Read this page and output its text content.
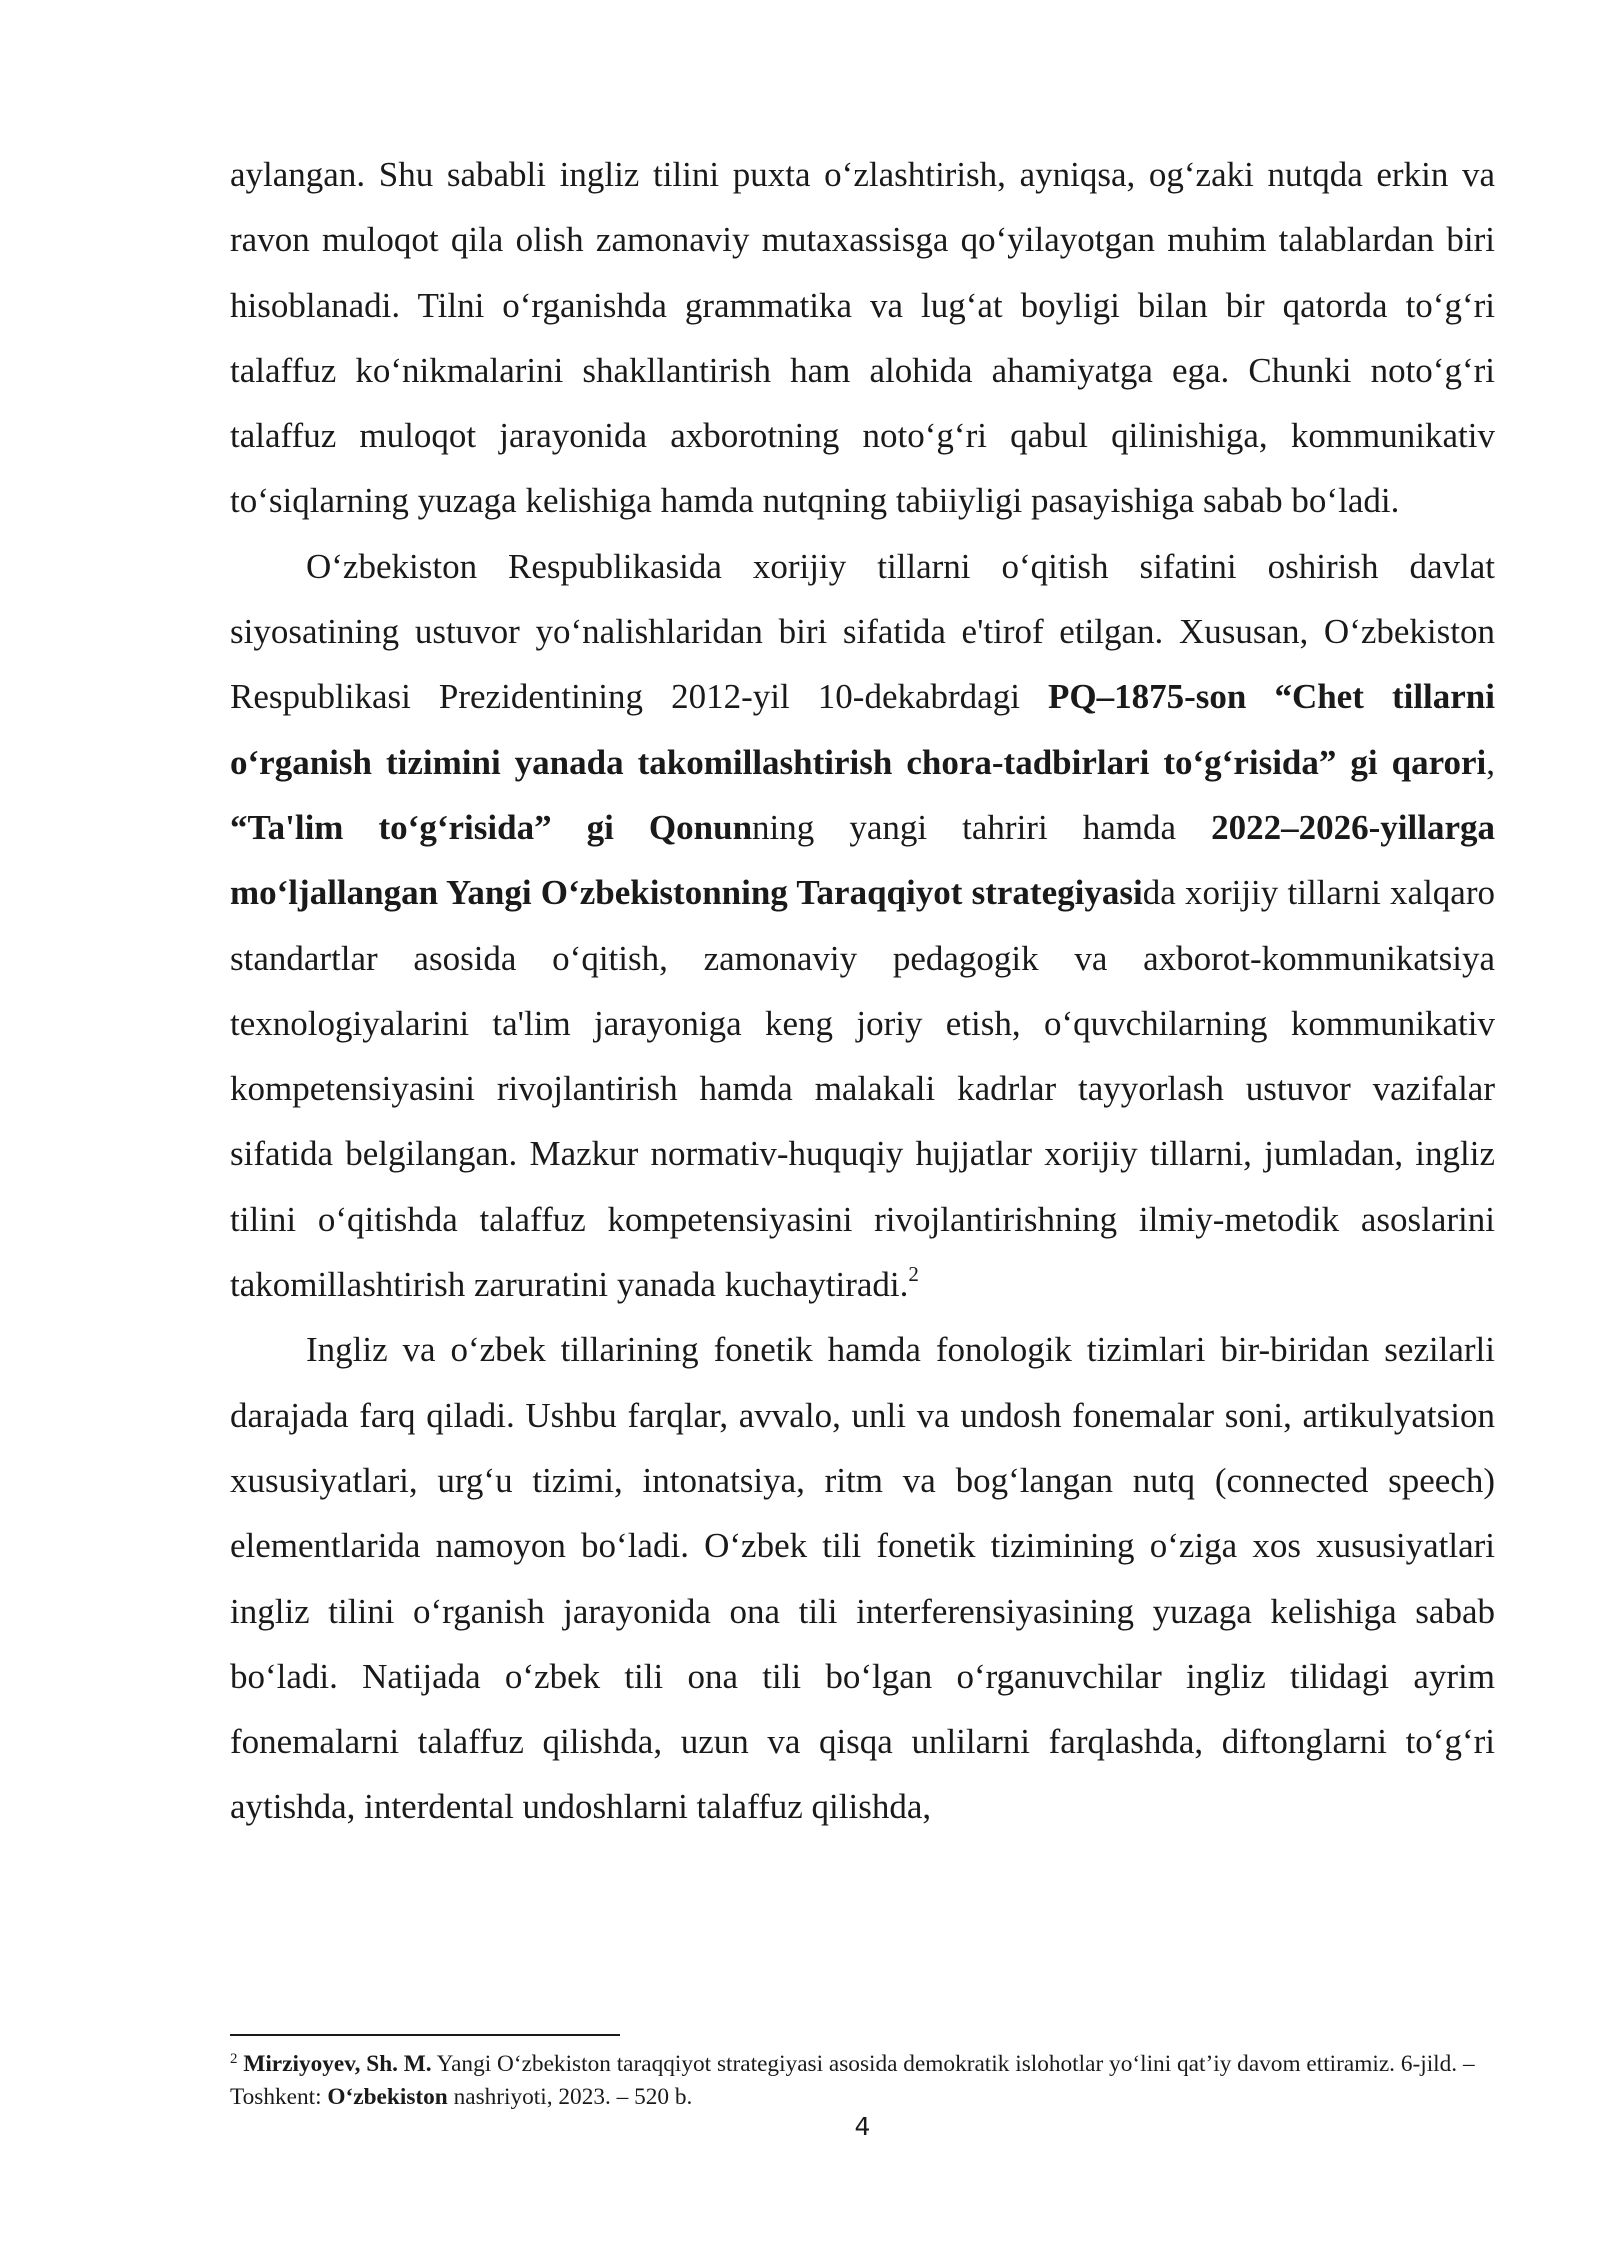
aylangan. Shu sababli ingliz tilini puxta o‘zlashtirish, ayniqsa, og‘zaki nutqda erkin va ravon muloqot qila olish zamonaviy mutaxassisga qo‘yilayotgan muhim talablardan biri hisoblanadi. Tilni o‘rganishda grammatika va lug‘at boyligi bilan bir qatorda to‘g‘ri talaffuz ko‘nikmalarini shakllantirish ham alohida ahamiyatga ega. Chunki noto‘g‘ri talaffuz muloqot jarayonida axborotning noto‘g‘ri qabul qilinishiga, kommunikativ to‘siqlarning yuzaga kelishiga hamda nutqning tabiiyligi pasayishiga sabab bo‘ladi.

O‘zbekiston Respublikasida xorijiy tillarni o‘qitish sifatini oshirish davlat siyosatining ustuvor yo‘nalishlaridan biri sifatida e'tirof etilgan. Xususan, O‘zbekiston Respublikasi Prezidentining 2012-yil 10-dekabrdagi PQ–1875-son “Chet tillarni o‘rganish tizimini yanada takomillashtirish chora-tadbirlari to‘g‘risida” gi qarori, “Ta'lim to‘g‘risida” gi Qonunning yangi tahriri hamda 2022–2026-yillarga mo‘ljallangan Yangi O‘zbekistonning Taraqqiyot strategiyasida xorijiy tillarni xalqaro standartlar asosida o‘qitish, zamonaviy pedagogik va axborot-kommunikatsiya texnologiyalarini ta'lim jarayoniga keng joriy etish, o‘quvchilarning kommunikativ kompetensiyasini rivojlantirish hamda malakali kadrlar tayyorlash ustuvor vazifalar sifatida belgilangan. Mazkur normativ-huquqiy hujjatlar xorijiy tillarni, jumladan, ingliz tilini o‘qitishda talaffuz kompetensiyasini rivojlantirishning ilmiy-metodik asoslarini takomillashtirish zaruratini yanada kuchaytiradi.$^2$

Ingliz va o‘zbek tillarining fonetik hamda fonologik tizimlari bir-biridan sezilarli darajada farq qiladi. Ushbu farqlar, avvalo, unli va undosh fonemalar soni, artikulyatsion xususiyatlari, urg‘u tizimi, intonatsiya, ritm va bog‘langan nutq (connected speech) elementlarida namoyon bo‘ladi. O‘zbek tili fonetik tizimining o‘ziga xos xususiyatlari ingliz tilini o‘rganish jarayonida ona tili interferensiyasining yuzaga kelishiga sabab bo‘ladi. Natijada o‘zbek tili ona tili bo‘lgan o‘rganuvchilar ingliz tilidagi ayrim fonemalarni talaffuz qilishda, uzun va qisqa unlilarni farqlashda, diftonglarni to‘g‘ri aytishda, interdental undoshlarni talaffuz qilishda,

$^2$ Mirziyoyev, Sh. M. Yangi O‘zbekiston taraqqiyot strategiyasi asosida demokratik islohotlar yo‘lini qat’iy davom ettiramiz. 6-jild. – Toshkent: O‘zbekiston nashriyoti, 2023. – 520 b.
4
